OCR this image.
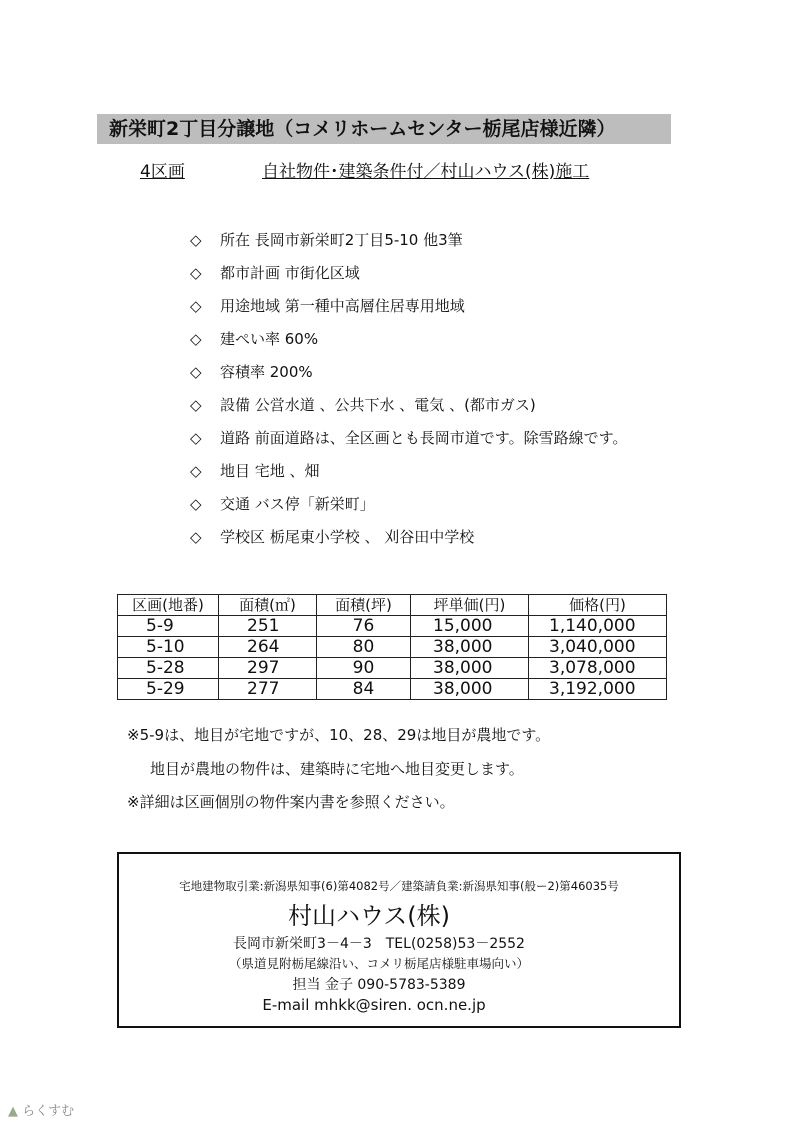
新栄町2丁目分譲地（コメリホームセンター栃尾店様近隣）
4区画	自社物件･建築条件付／村山ハウス(株)施工
◇ 所在 長岡市新栄町2丁目5-10 他3筆
◇ 都市計画 市街化区域
◇ 用途地域 第一種中高層住居専用地域
◇ 建ぺい率 60%
◇ 容積率 200%
◇ 設備 公営水道 、公共下水 、電気 、(都市ガス)
◇ 道路 前面道路は、全区画とも長岡市道です。除雪路線です。
◇ 地目 宅地 、畑
◇ 交通 バス停「新栄町」
◇ 学校区 栃尾東小学校 、 刈谷田中学校
区画(地番)	面積(㎡)	面積(坪)	坪単価(円)	価格(円)
5-9	251	76	15,000	1,140,000
5-10	264	80	38,000	3,040,000
5-28	297	90	38,000	3,078,000
5-29	277	84	38,000	3,192,000
※5-9は、地目が宅地ですが、10、28、29は地目が農地です。
地目が農地の物件は、建築時に宅地へ地目変更します。
※詳細は区画個別の物件案内書を参照ください。
宅地建物取引業:新潟県知事(6)第4082号／建築請負業:新潟県知事(般ー2)第46035号
村山ハウス(株)
長岡市新栄町3－4－3　TEL(0258)53－2552
（県道見附栃尾線沿い、コメリ栃尾店様駐車場向い）
担当 金子 090-5783-5389
E-mail mhkk@siren. ocn.ne.jp
▲ らくすむ
